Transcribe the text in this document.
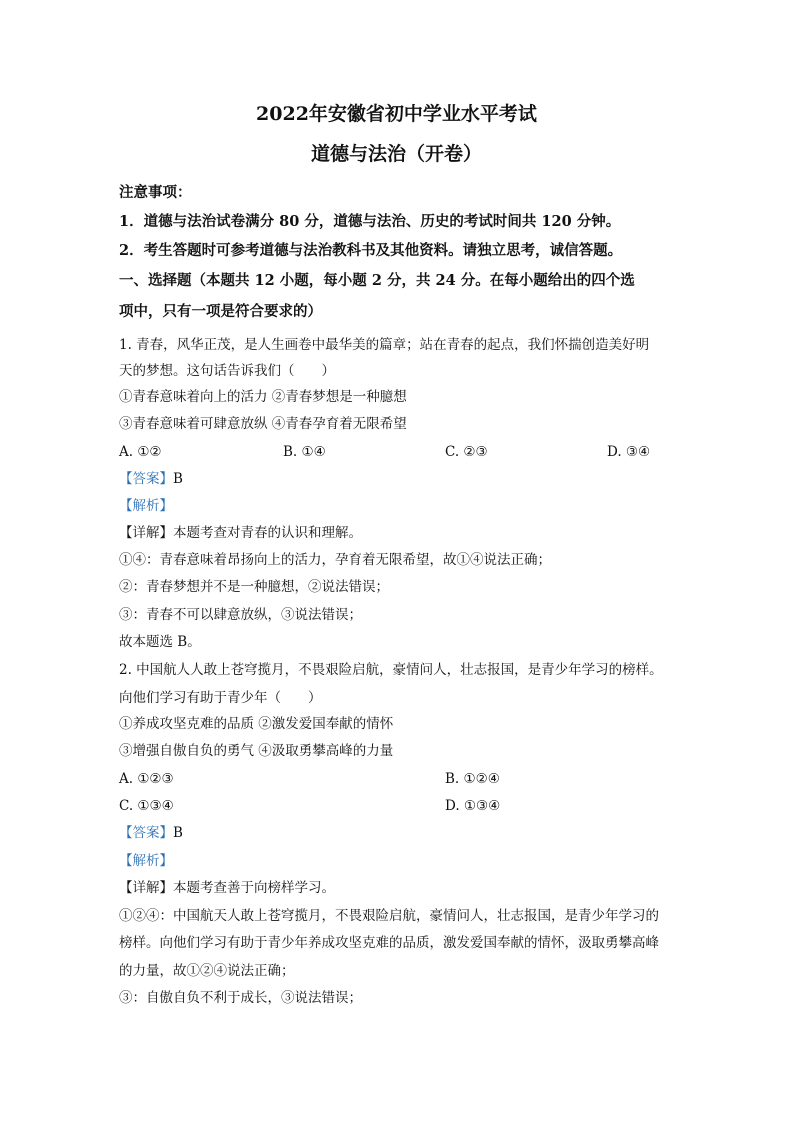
2022年安徽省初中学业水平考试
道德与法治（开卷）
注意事项：
1．道德与法治试卷满分 80 分，道德与法治、历史的考试时间共 120 分钟。
2．考生答题时可参考道德与法治教科书及其他资料。请独立思考，诚信答题。
一、选择题（本题共 12 小题，每小题 2 分，共 24 分。在每小题给出的四个选
项中，只有一项是符合要求的）
1. 青春，风华正茂，是人生画卷中最华美的篇章；站在青春的起点，我们怀揣创造美好明
天的梦想。这句话告诉我们（　　）
①青春意味着向上的活力 ②青春梦想是一种臆想
③青春意味着可肆意放纵 ④青春孕育着无限希望
A. ①②	B. ①④	C. ②③	D. ③④
【答案】B
【解析】
【详解】本题考查对青春的认识和理解。
①④：青春意味着昂扬向上的活力，孕育着无限希望，故①④说法正确；
②：青春梦想并不是一种臆想，②说法错误；
③：青春不可以肆意放纵，③说法错误；
故本题选 B。
2. 中国航人人敢上苍穹揽月，不畏艰险启航，豪情问人，壮志报国，是青少年学习的榜样。
向他们学习有助于青少年（　　）
①养成攻坚克难的品质 ②激发爱国奉献的情怀
③增强自傲自负的勇气 ④汲取勇攀高峰的力量
A. ①②③	B. ①②④
C. ①③④	D. ①③④
【答案】B
【解析】
【详解】本题考查善于向榜样学习。
①②④：中国航天人敢上苍穹揽月，不畏艰险启航，豪情问人，壮志报国，是青少年学习的
榜样。向他们学习有助于青少年养成攻坚克难的品质，激发爱国奉献的情怀，汲取勇攀高峰
的力量，故①②④说法正确；
③：自傲自负不利于成长，③说法错误；
